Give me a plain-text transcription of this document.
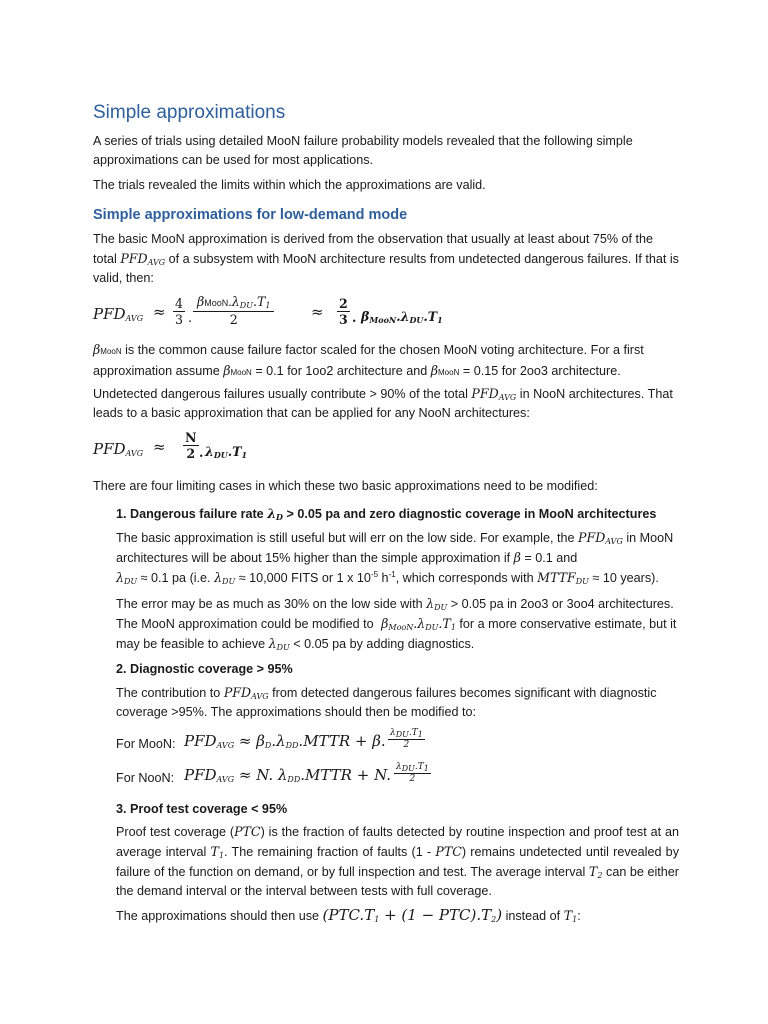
Simple approximations

A series of trials using detailed MooN failure probability models revealed that the following simple approximations can be used for most applications.

The trials revealed the limits within which the approximations are valid.

Simple approximations for low-demand mode

The basic MooN approximation is derived from the observation that usually at least about 75% of the total $PFD_{AVG}$ of a subsystem with MooN architecture results from undetected dangerous failures. If that is valid, then:

$PFD_{AVG} \approx \frac{4}{3}$ .
$\beta MooN.\lambda_{DU}.T_1$
2	≈ $\frac{2}{3}$ . $\beta_{MooN}.\lambda_{DU}.T_1$

βMooN is the common cause failure factor scaled for the chosen MooN voting architecture. For a first approximation assume βMooN = 0.1 for 1oo2 architecture and βMooN = 0.15 for 2oo3 architecture.

Undetected dangerous failures usually contribute > 90% of the total $PFD_{AVG}$ in NooN architectures. That leads to a basic approximation that can be applied for any NooN architectures:

$PFD_{AVG} \approx \frac{N}{2}$ . $\lambda_{DU}.T_1$

There are four limiting cases in which these two basic approximations need to be modified:

1. Dangerous failure rate $\lambda_D > 0.05$ pa and zero diagnostic coverage in MooN architectures

The basic approximation is still useful but will err on the low side. For example, the $PFD_{AVG}$ in MooN architectures will be about 15% higher than the simple approximation if β = 0.1 and
$\lambda_{DU} \approx 0.1$ pa (i.e. $\lambda_{DU} \approx 10,000$ FITS or 1 x $10^{-5}$ $h^{-1}$, which corresponds with $MTTF_{DU} \approx 10$ years).

The error may be as much as 30% on the low side with $\lambda_{DU} > 0.05$ pa in 2oo3 or 3oo4 architectures. The MooN approximation could be modified to  $\beta_{MooN}.\lambda_{DU}.T_1$ for a more conservative estimate, but it may be feasible to achieve $\lambda_{DU} < 0.05$ pa by adding diagnostics.

2. Diagnostic coverage > 95%

The contribution to $PFD_{AVG}$ from detected dangerous failures becomes significant with diagnostic coverage >95%. The approximations should then be modified to:

For MooN: $PFD_{AVG}$ ≈ $\beta_D.\lambda_{DD}.MTTR + \beta$. $\lambda_{DU}.T_1$
2
For NooN: $PFD_{AVG} \approx N$. $\lambda_{DD}.MTTR + N$. $\lambda_{DU}.T_1$
2

3. Proof test coverage < 95%

Proof test coverage (PTC) is the fraction of faults detected by routine inspection and proof test at an average interval $T_1$. The remaining fraction of faults (1 - PTC) remains undetected until revealed by failure of the function on demand, or by full inspection and test. The average interval $T_2$ can be either the demand interval or the interval between tests with full coverage.

The approximations should then use $(PTC.T_1 + (1 - PTC).T_2)$ instead of $T_1$:
